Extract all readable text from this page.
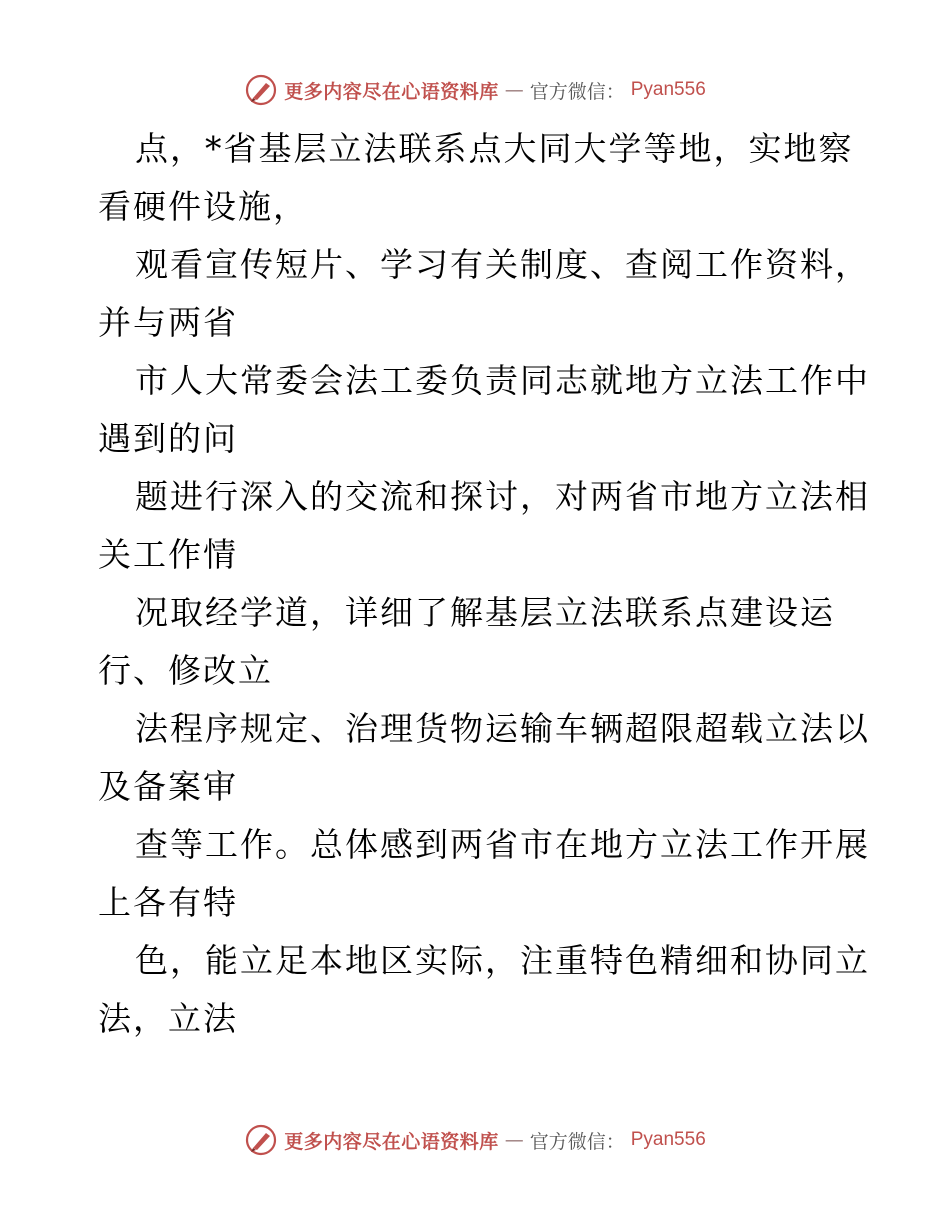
更多内容尽在心语资料库 — 官方微信： Pyan556
点，*省基层立法联系点大同大学等地，实地察
看硬件设施，
观看宣传短片、学习有关制度、查阅工作资料，
并与两省
市人大常委会法工委负责同志就地方立法工作中
遇到的问
题进行深入的交流和探讨，对两省市地方立法相
关工作情
况取经学道，详细了解基层立法联系点建设运
行、修改立
法程序规定、治理货物运输车辆超限超载立法以
及备案审
查等工作。总体感到两省市在地方立法工作开展
上各有特
色，能立足本地区实际，注重特色精细和协同立
法，立法
更多内容尽在心语资料库 — 官方微信： Pyan556
